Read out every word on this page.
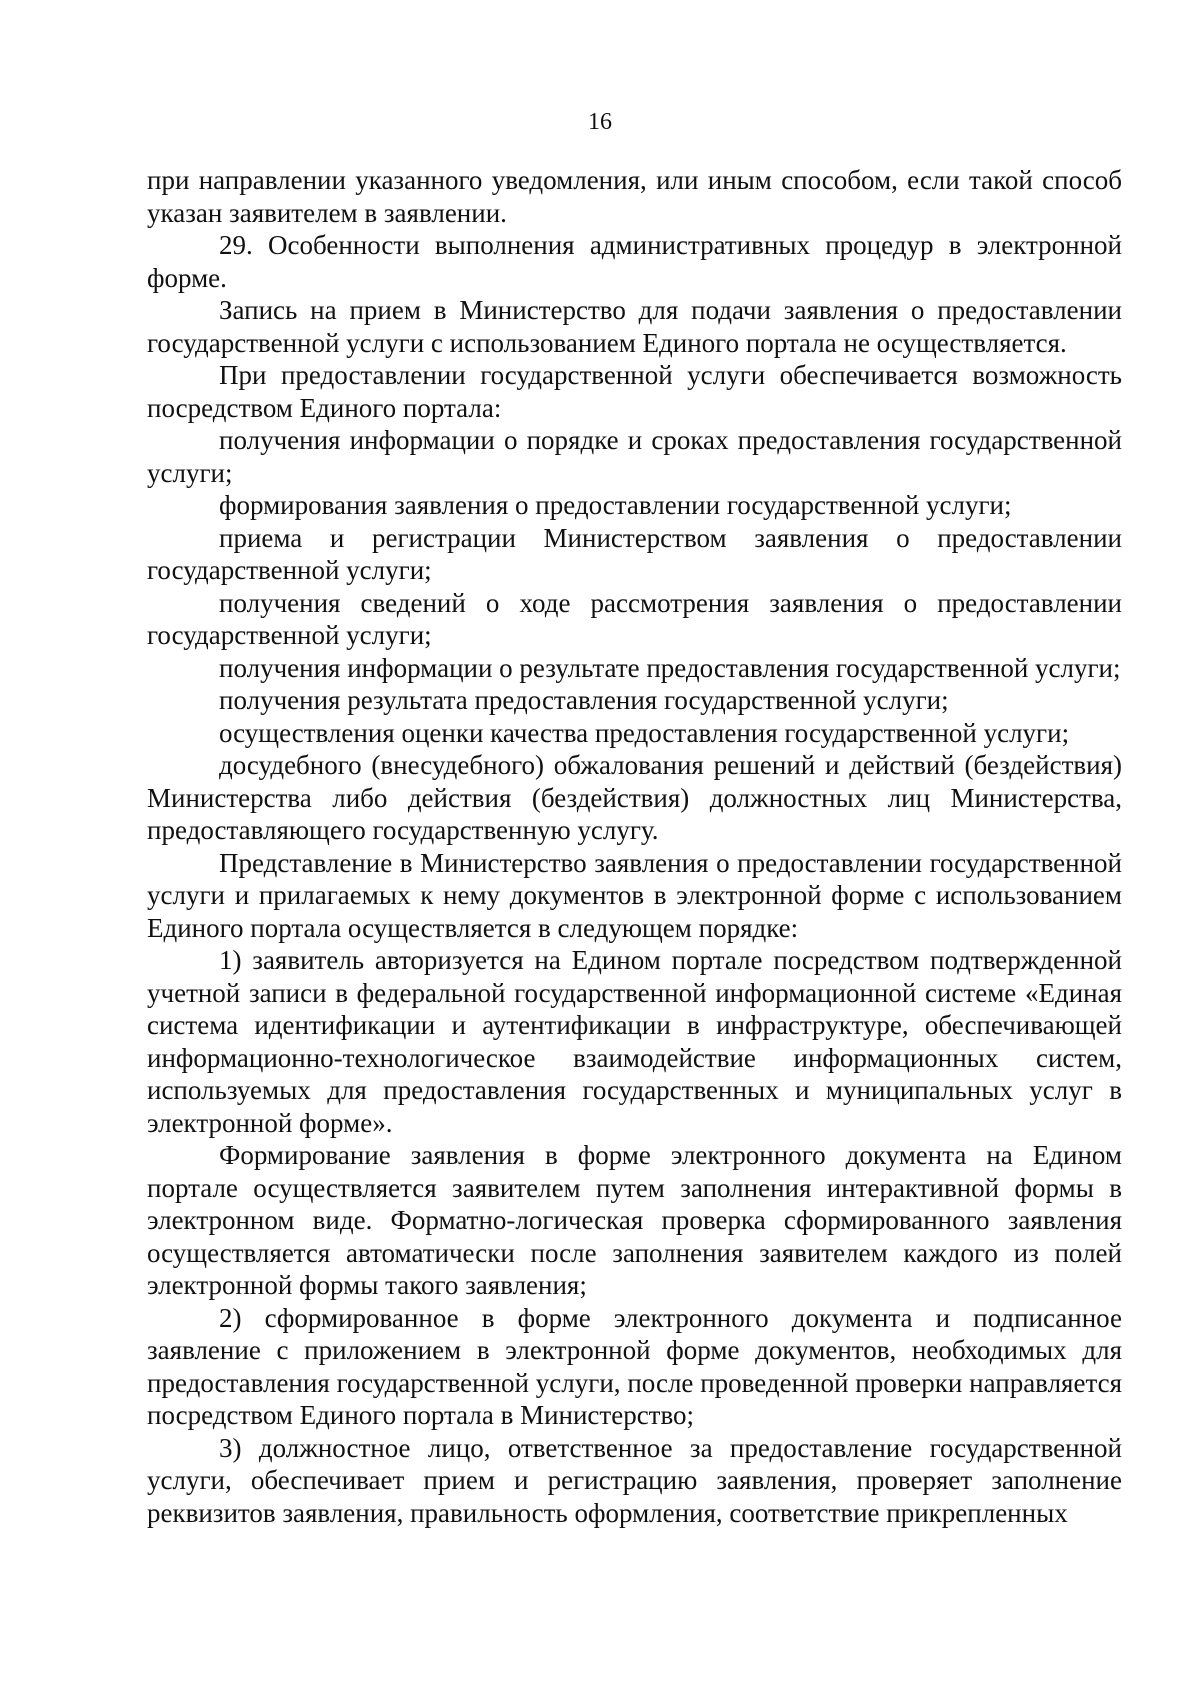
16

при направлении указанного уведомления, или иным способом, если такой способ указан заявителем в заявлении.

29. Особенности выполнения административных процедур в электронной форме.

Запись на прием в Министерство для подачи заявления о предоставлении государственной услуги с использованием Единого портала не осуществляется.

При предоставлении государственной услуги обеспечивается возможность посредством Единого портала:

получения информации о порядке и сроках предоставления государственной услуги;

формирования заявления о предоставлении государственной услуги;

приема и регистрации Министерством заявления о предоставлении государственной услуги;

получения сведений о ходе рассмотрения заявления о предоставлении государственной услуги;

получения информации о результате предоставления государственной услуги;

получения результата предоставления государственной услуги;

осуществления оценки качества предоставления государственной услуги;

досудебного (внесудебного) обжалования решений и действий (бездействия) Министерства либо действия (бездействия) должностных лиц Министерства, предоставляющего государственную услугу.

Представление в Министерство заявления о предоставлении государственной услуги и прилагаемых к нему документов в электронной форме с использованием Единого портала осуществляется в следующем порядке:

1) заявитель авторизуется на Едином портале посредством подтвержденной учетной записи в федеральной государственной информационной системе «Единая система идентификации и аутентификации в инфраструктуре, обеспечивающей информационно-технологическое взаимодействие информационных систем, используемых для предоставления государственных и муниципальных услуг в электронной форме».

Формирование заявления в форме электронного документа на Едином портале осуществляется заявителем путем заполнения интерактивной формы в электронном виде. Форматно-логическая проверка сформированного заявления осуществляется автоматически после заполнения заявителем каждого из полей электронной формы такого заявления;

2) сформированное в форме электронного документа и подписанное заявление с приложением в электронной форме документов, необходимых для предоставления государственной услуги, после проведенной проверки направляется посредством Единого портала в Министерство;

3) должностное лицо, ответственное за предоставление государственной услуги, обеспечивает прием и регистрацию заявления, проверяет заполнение реквизитов заявления, правильность оформления, соответствие прикрепленных
